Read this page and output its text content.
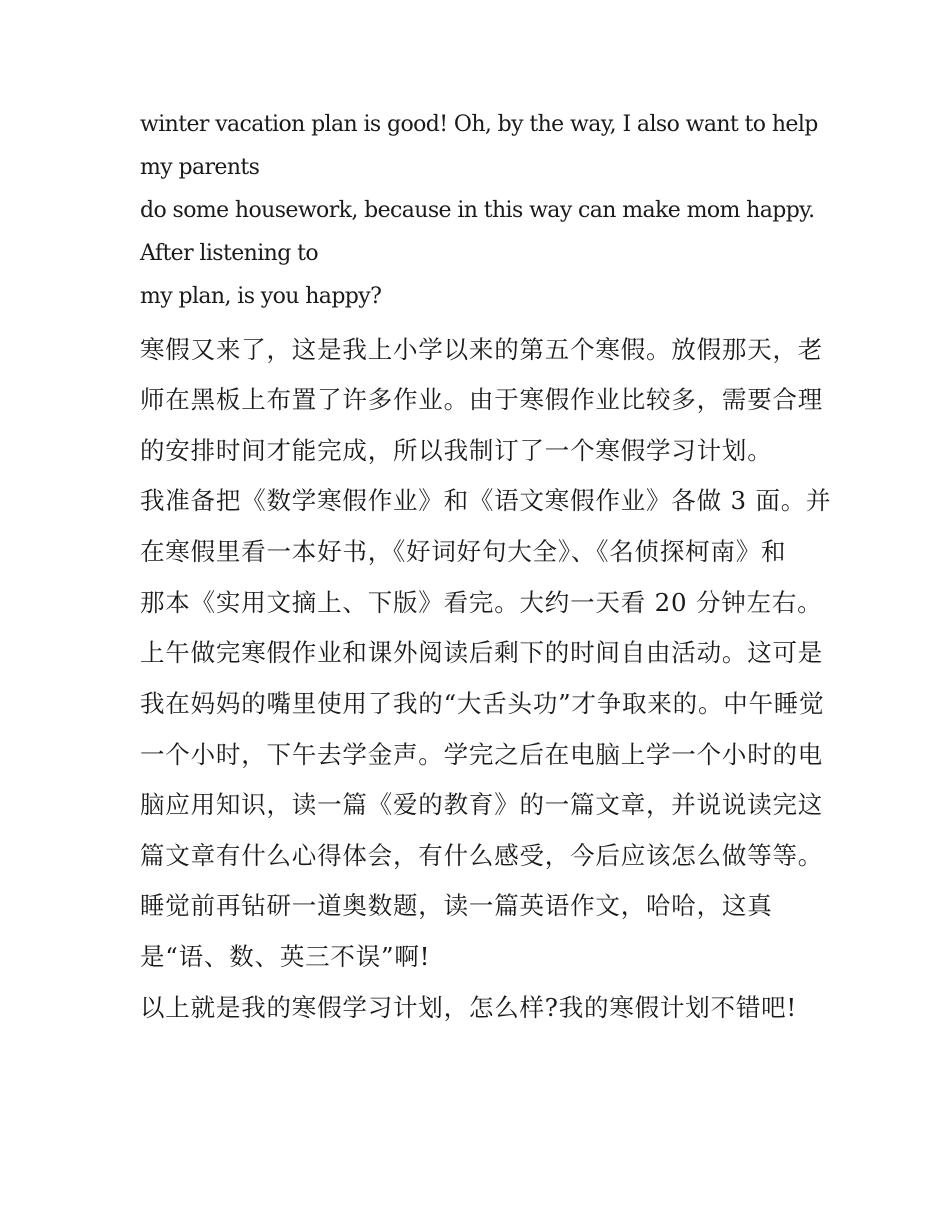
winter vacation plan is good! Oh, by the way, I also want to help
my parents
do some housework, because in this way can make mom happy.
After listening to
my plan, is you happy?
寒假又来了，这是我上小学以来的第五个寒假。放假那天，老
师在黑板上布置了许多作业。由于寒假作业比较多，需要合理
的安排时间才能完成，所以我制订了一个寒假学习计划。
我准备把《数学寒假作业》和《语文寒假作业》各做 3 面。并
在寒假里看一本好书，《好词好句大全》、《名侦探柯南》和
那本《实用文摘上、下版》看完。大约一天看 20 分钟左右。
上午做完寒假作业和课外阅读后剩下的时间自由活动。这可是
我在妈妈的嘴里使用了我的“大舌头功”才争取来的。中午睡觉
一个小时，下午去学金声。学完之后在电脑上学一个小时的电
脑应用知识，读一篇《爱的教育》的一篇文章，并说说读完这
篇文章有什么心得体会，有什么感受，今后应该怎么做等等。
睡觉前再钻研一道奥数题，读一篇英语作文，哈哈，这真
是“语、数、英三不误”啊!
以上就是我的寒假学习计划，怎么样?我的寒假计划不错吧!
